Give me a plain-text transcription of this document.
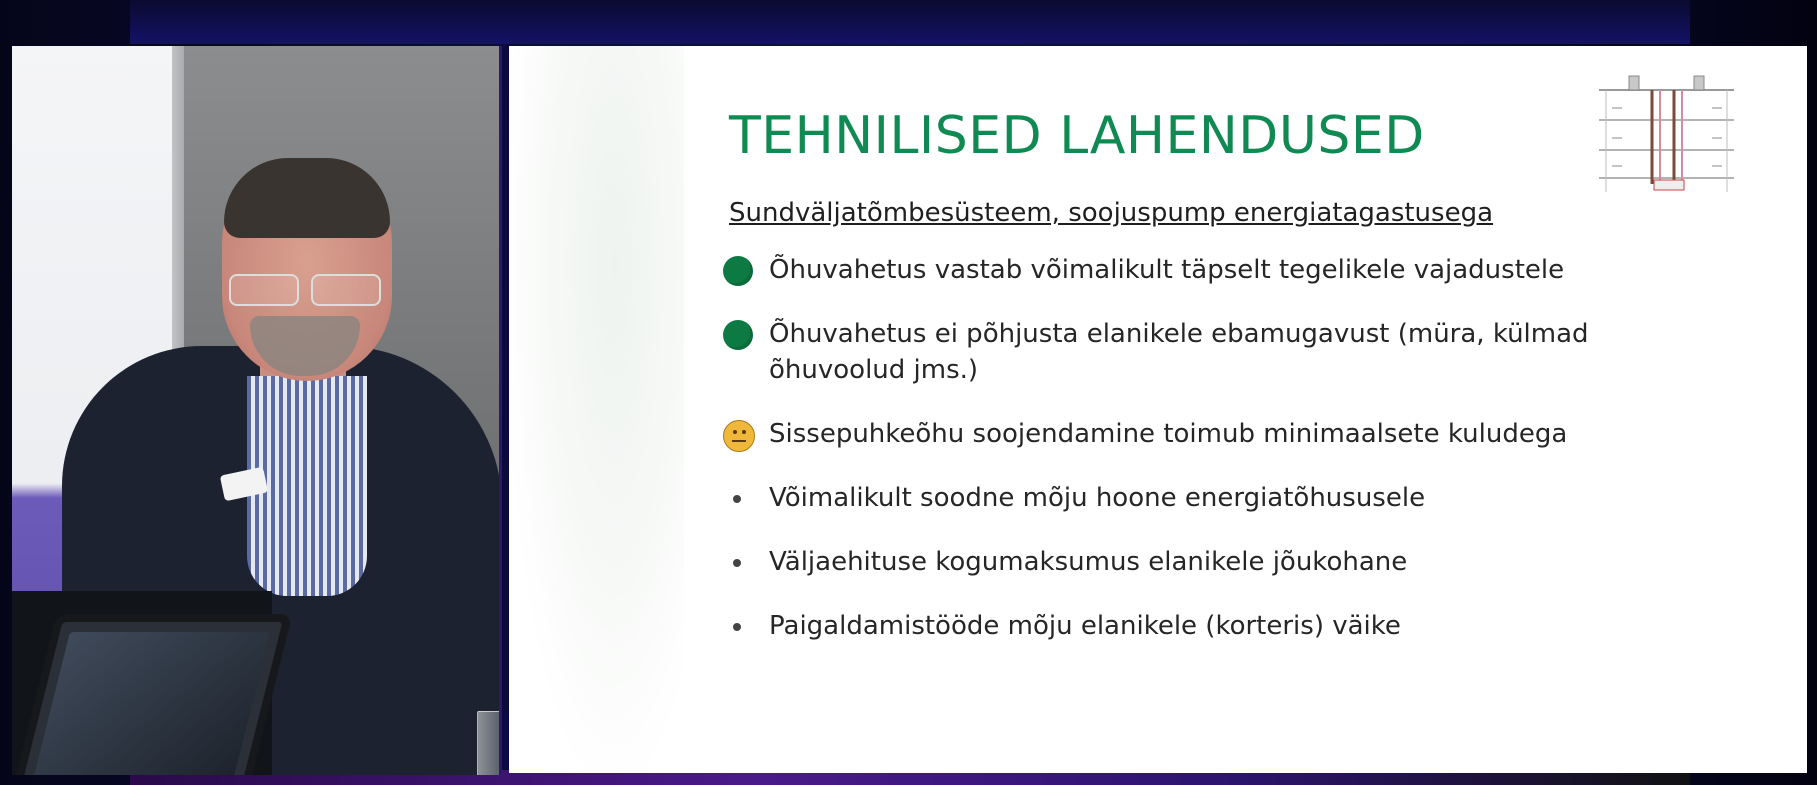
TEHNILISED LAHENDUSED
Sundväljatõmbesüsteem, soojuspump energiatagastusega
Õhuvahetus vastab võimalikult täpselt tegelikele vajadustele
Õhuvahetus ei põhjusta elanikele ebamugavust (müra, külmad õhuvoolud jms.)
Sissepuhkeõhu soojendamine toimub minimaalsete kuludega
Võimalikult soodne mõju hoone energiatõhususele
Väljaehituse kogumaksumus elanikele jõukohane
Paigaldamistööde mõju elanikele (korteris) väike
